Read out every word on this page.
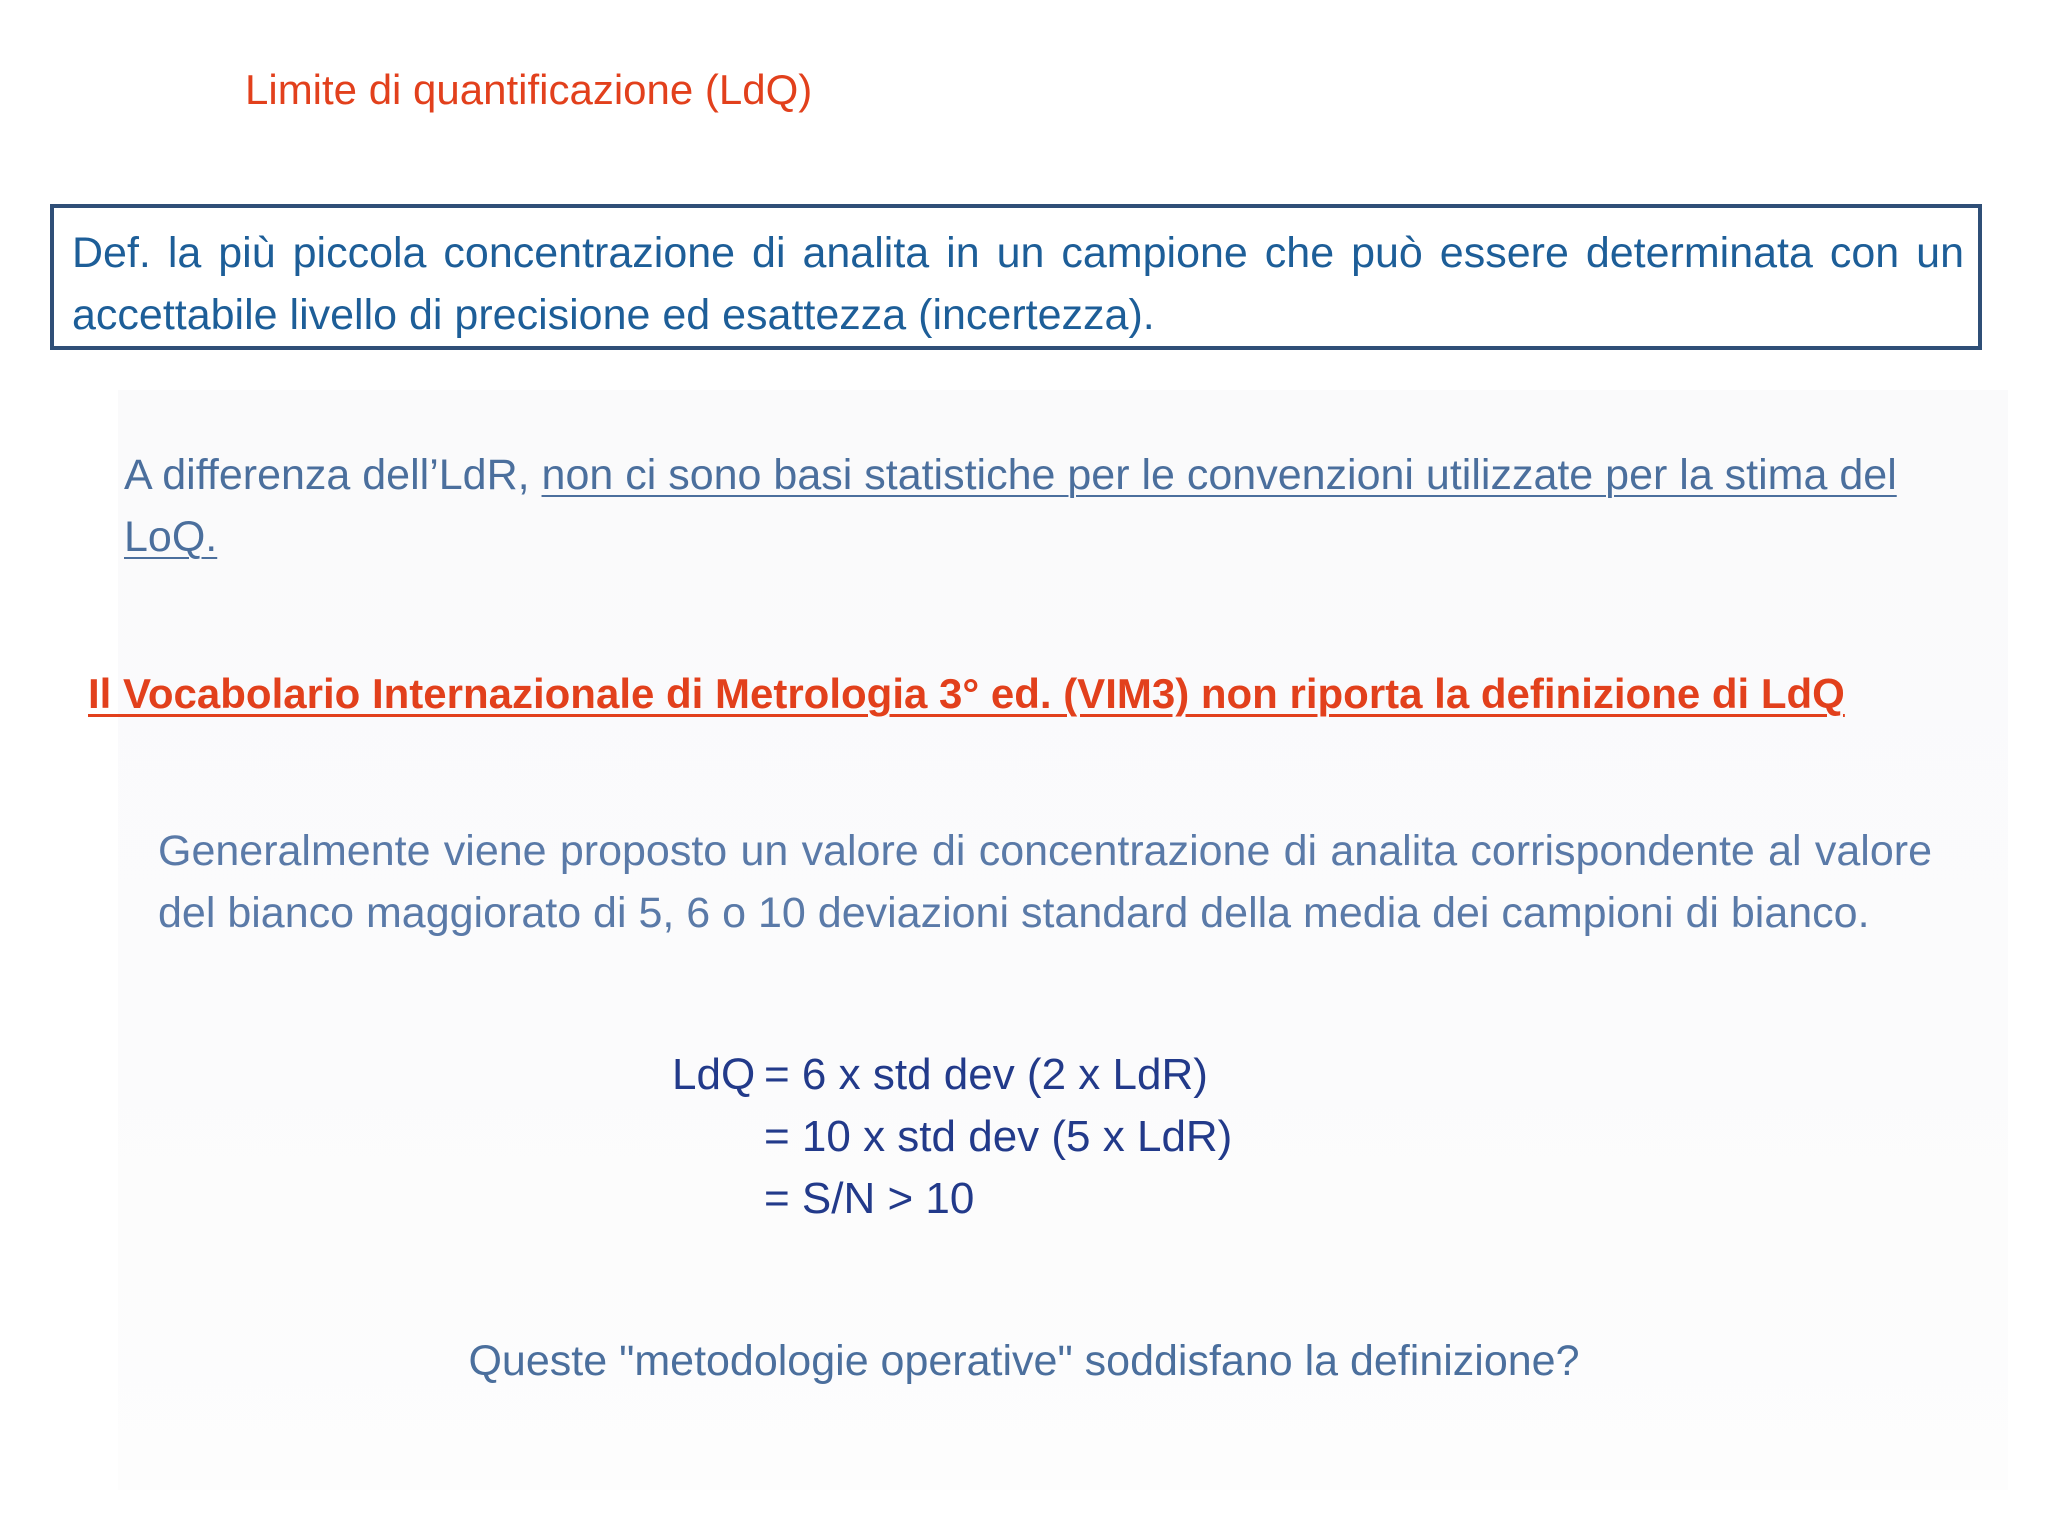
Limite di quantificazione (LdQ)
Def. la più piccola concentrazione di analita in un campione che può essere determinata con un accettabile livello di precisione ed esattezza (incertezza).
A differenza dell’LdR, non ci sono basi statistiche per le convenzioni utilizzate per la stima del LoQ.
Il Vocabolario Internazionale di Metrologia 3° ed. (VIM3) non riporta la definizione di LdQ
Generalmente viene proposto un valore di concentrazione di analita corrispondente al valore del bianco maggiorato di 5, 6 o 10 deviazioni standard della media dei campioni di bianco.
LdQ = 6 x std dev (2 x LdR)
= 10 x std dev (5 x LdR)
= S/N > 10
Queste "metodologie operative" soddisfano la definizione?
